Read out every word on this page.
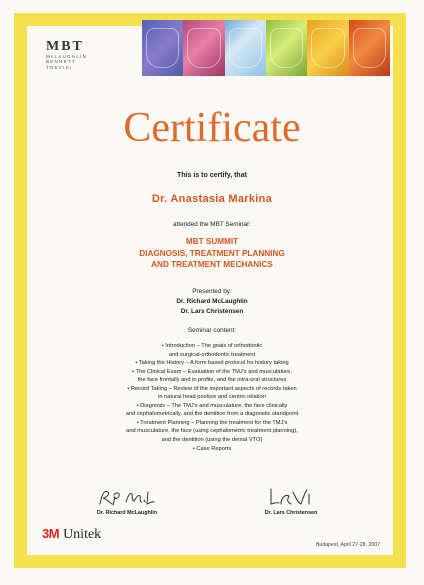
MBT
McLAUGHLIN
BENNETT
TREVISI
Certificate
This is to certify, that
Dr. Anastasia Markina
attended the MBT Seminar:
MBT SUMMIT
DIAGNOSIS, TREATMENT PLANNING
AND TREATMENT MECHANICS
Presented by:
Dr. Richard McLaughlin
Dr. Lars Christensen
Seminar content:
• Introduction – The goals of orthodontic
and surgical-orthodontic treatment
• Taking the History – A form based protocol for history taking
• The Clinical Exam – Evaluation of the TMJ's and musculature,
the face frontally and in profile, and the intra-oral structures
• Record Taking – Review of the important aspects of records taken
in natural head posture and centric relation
• Diagnosis – The TMJ's and musculature, the face clinically
and cephalometrically, and the dentition from a diagnostic standpoint
• Treatment Planning – Planning the treatment for the TMJ's
and musculature, the face (using cephalometric treatment planning),
and the dentition (using the dental VTO)
• Case Reports
Dr. Richard McLaughlin	Dr. Lars Christensen
3M Unitek
Budapest, April 27-28, 2007
